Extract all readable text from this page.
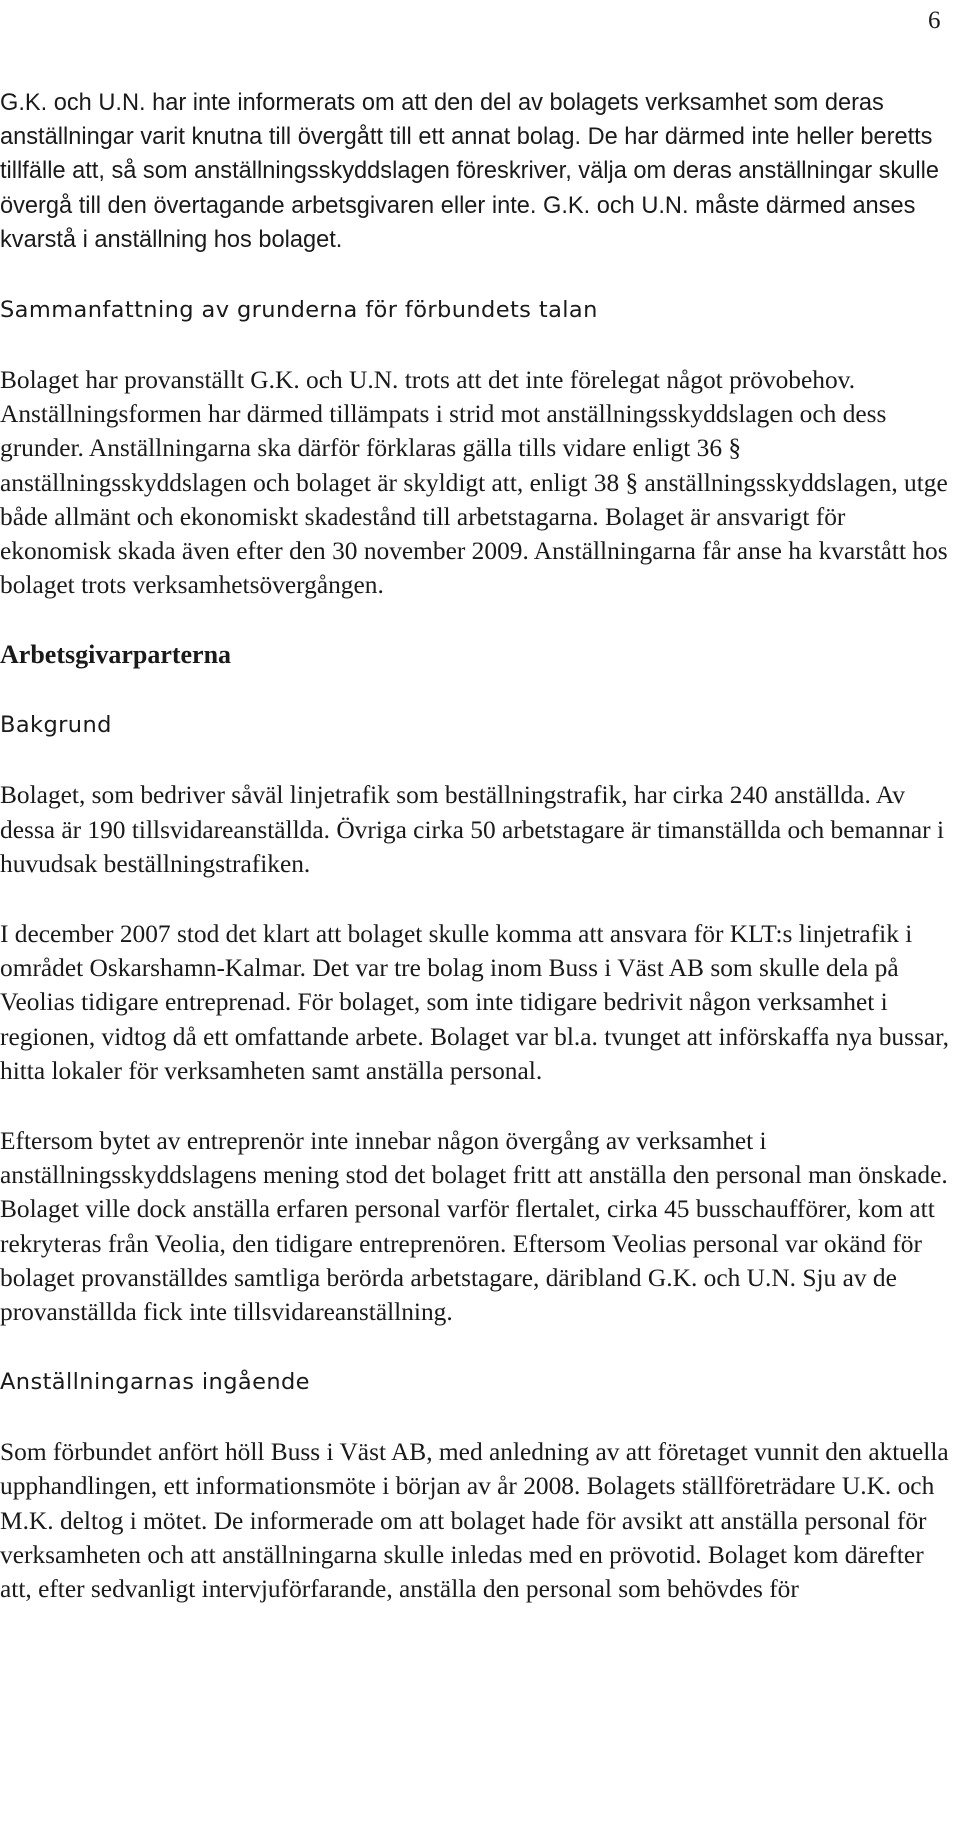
6

G.K. och U.N. har inte informerats om att den del av bolagets verksamhet som deras anställningar varit knutna till övergått till ett annat bolag. De har därmed inte heller beretts tillfälle att, så som anställningsskyddslagen föreskriver, välja om deras anställningar skulle övergå till den övertagande arbetsgivaren eller inte. G.K. och U.N. måste därmed anses kvarstå i anställning hos bolaget.

Sammanfattning av grunderna för förbundets talan

Bolaget har provanställt G.K. och U.N. trots att det inte förelegat något prövobehov. Anställningsformen har därmed tillämpats i strid mot anställningsskyddslagen och dess grunder. Anställningarna ska därför förklaras gälla tills vidare enligt 36 § anställningsskyddslagen och bolaget är skyldigt att, enligt 38 § anställningsskyddslagen, utge både allmänt och ekonomiskt skadestånd till arbetstagarna. Bolaget är ansvarigt för ekonomisk skada även efter den 30 november 2009. Anställningarna får anse ha kvarstått hos bolaget trots verksamhetsövergången.

Arbetsgivarparterna

Bakgrund

Bolaget, som bedriver såväl linjetrafik som beställningstrafik, har cirka 240 anställda. Av dessa är 190 tillsvidareanställda. Övriga cirka 50 arbetstagare är timanställda och bemannar i huvudsak beställningstrafiken.

I december 2007 stod det klart att bolaget skulle komma att ansvara för KLT:s linjetrafik i området Oskarshamn-Kalmar. Det var tre bolag inom Buss i Väst AB som skulle dela på Veolias tidigare entreprenad. För bolaget, som inte tidigare bedrivit någon verksamhet i regionen, vidtog då ett omfattande arbete. Bolaget var bl.a. tvunget att införskaffa nya bussar, hitta lokaler för verksamheten samt anställa personal.

Eftersom bytet av entreprenör inte innebar någon övergång av verksamhet i anställningsskyddslagens mening stod det bolaget fritt att anställa den personal man önskade. Bolaget ville dock anställa erfaren personal varför flertalet, cirka 45 busschaufförer, kom att rekryteras från Veolia, den tidigare entreprenören. Eftersom Veolias personal var okänd för bolaget provanställdes samtliga berörda arbetstagare, däribland G.K. och U.N. Sju av de provanställda fick inte tillsvidareanställning.

Anställningarnas ingående

Som förbundet anfört höll Buss i Väst AB, med anledning av att företaget vunnit den aktuella upphandlingen, ett informationsmöte i början av år 2008. Bolagets ställföreträdare U.K. och M.K. deltog i mötet. De informerade om att bolaget hade för avsikt att anställa personal för verksamheten och att anställningarna skulle inledas med en prövotid. Bolaget kom därefter att, efter sedvanligt intervjuförfarande, anställa den personal som behövdes för
